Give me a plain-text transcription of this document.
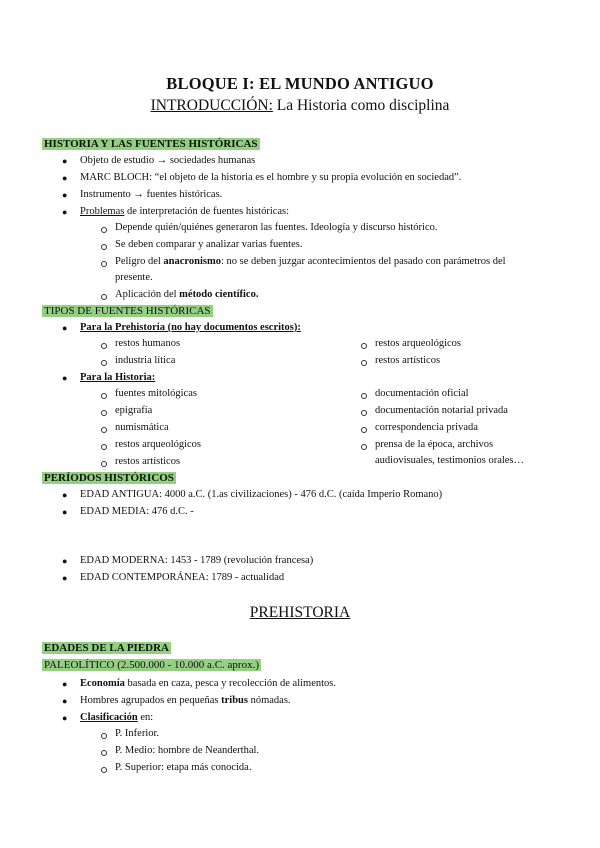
BLOQUE I: EL MUNDO ANTIGUO
INTRODUCCIÓN: La Historia como disciplina
HISTORIA Y LAS FUENTES HISTÓRICAS
● Objeto de estudio → sociedades humanas
● MARC BLOCH: “el objeto de la historia es el hombre y su propia evolución en sociedad”.
● Instrumento → fuentes históricas.
● Problemas de interpretación de fuentes históricas:
Depende quién/quiénes generaron las fuentes. Ideología y discurso histórico.
Se deben comparar y analizar varias fuentes.
Peligro del anacronismo: no se deben juzgar acontecimientos del pasado con parámetros del
presente.
Aplicación del método científico.
TIPOS DE FUENTES HISTÓRICAS
● Para la Prehistoria (no hay documentos escritos):
restos humanos	restos arqueológicos
industria lítica	restos artísticos
● Para la Historia:
fuentes mitológicas	documentación oficial
epigrafía	documentación notarial privada
numismática	correspondencia privada
restos arqueológicos	prensa de la época, archivos
audiovisuales, testimonios orales…
restos artísticos
PERÍODOS HISTÓRICOS
● EDAD ANTIGUA: 4000 a.C. (1.as civilizaciones) - 476 d.C. (caída Imperio Romano)
● EDAD MEDIA: 476 d.C. -
● EDAD MODERNA: 1453 - 1789 (revolución francesa)
● EDAD CONTEMPORÁNEA: 1789 - actualidad
PREHISTORIA
EDADES DE LA PIEDRA
PALEOLÍTICO (2.500.000 - 10.000 a.C. aprox.)
● Economía basada en caza, pesca y recolección de alimentos.
● Hombres agrupados en pequeñas tribus nómadas.
● Clasificación en:
P. Inferior.
P. Medio: hombre de Neanderthal.
P. Superior: etapa más conocida.
